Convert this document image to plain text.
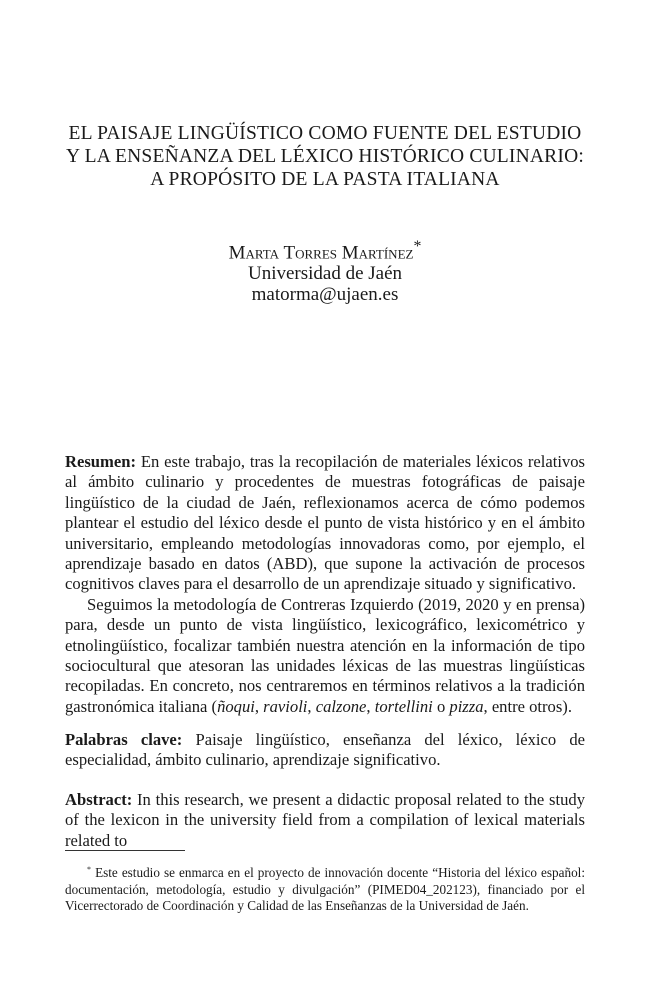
EL PAISAJE LINGÜÍSTICO COMO FUENTE DEL ESTUDIO
Y LA ENSEÑANZA DEL LÉXICO HISTÓRICO CULINARIO:
A PROPÓSITO DE LA PASTA ITALIANA
Marta Torres Martínez*
Universidad de Jaén
matorma@ujaen.es

Resumen: En este trabajo, tras la recopilación de materiales léxicos relativos al ámbito culinario y procedentes de muestras fotográficas de paisaje lingüístico de la ciudad de Jaén, reflexionamos acerca de cómo podemos plantear el estudio del léxico desde el punto de vista histórico y en el ámbito universitario, empleando metodologías innovadoras como, por ejemplo, el aprendizaje basado en datos (ABD), que supone la activación de procesos cognitivos claves para el desarrollo de un aprendizaje situado y significativo.

Seguimos la metodología de Contreras Izquierdo (2019, 2020 y en prensa) para, desde un punto de vista lingüístico, lexicográfico, lexicométrico y etnolingüístico, focalizar también nuestra atención en la información de tipo sociocultural que atesoran las unidades léxicas de las muestras lingüísticas recopiladas. En concreto, nos centraremos en términos relativos a la tradición gastronómica italiana (ñoqui, ravioli, calzone, tortellini o pizza, entre otros).

Palabras clave: Paisaje lingüístico, enseñanza del léxico, léxico de especialidad, ámbito culinario, aprendizaje significativo.

Abstract: In this research, we present a didactic proposal related to the study of the lexicon in the university field from a compilation of lexical materials related to

* Este estudio se enmarca en el proyecto de innovación docente “Historia del léxico español: documentación, metodología, estudio y divulgación” (PIMED04_202123), financiado por el Vicerrectorado de Coordinación y Calidad de las Enseñanzas de la Universidad de Jaén.
